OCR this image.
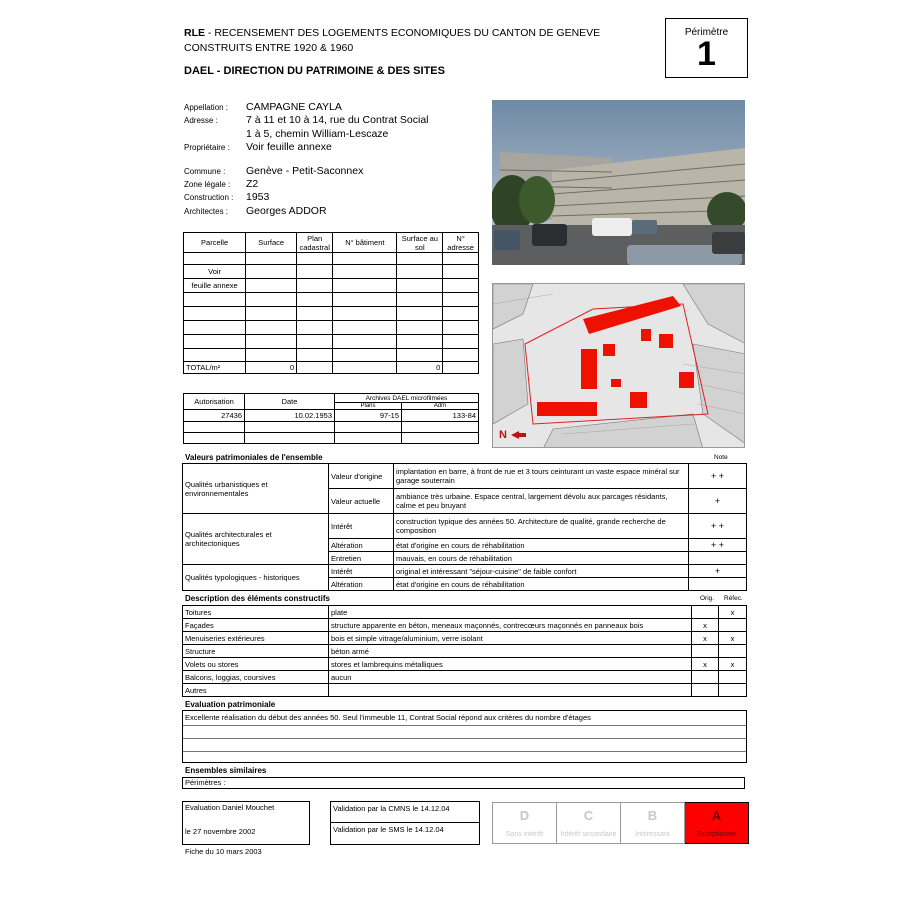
RLE - RECENSEMENT DES LOGEMENTS ECONOMIQUES DU CANTON DE GENEVE
CONSTRUITS ENTRE 1920 & 1960
DAEL - DIRECTION DU PATRIMOINE & DES SITES
Périmètre
1
Appellation :	CAMPAGNE CAYLA
Adresse :	7 à 11 et 10 à 14, rue du Contrat Social
1 à 5, chemin William-Lescaze
Propriétaire :	Voir feuille annexe
Commune :	Genève - Petit-Saconnex
Zone légale :	Z2
Construction :	1953
Architectes :	Georges ADDOR
Parcelle	Surface	Plan cadastral	N° bâtiment	Surface au sol	N° adresse

Voir					
feuille annexe					

TOTAL/m²	0			0	
Autorisation	Date	Archives DAEL microfilmées	
		Plans	Adm
27436	10.02.1953	97-15	133-84

N
Valeurs patrimoniales de l'ensemble	Note
Qualités urbanistiques et environnementales	Valeur d'origine	implantation en barre, à front de rue et 3 tours ceinturant un vaste espace minéral sur garage souterrain	+ +
	Valeur actuelle	ambiance très urbaine. Espace central, largement dévolu aux parcages résidants, calme et peu bruyant	+
Qualités architecturales et architectoniques	Intérêt	construction typique des années 50. Architecture de qualité, grande recherche de composition	+ +
	Altération	état d'origine en cours de réhabilitation	+ +
	Entretien	mauvais, en cours de réhabilitation	
Qualités typologiques - historiques	Intérêt	original et intéressant "séjour-cuisine" de faible confort	+
	Altération	état d'origine en cours de réhabilitation	
Description des éléments constructifs	Orig. Réfec.
Toitures	plate		x
Façades	structure apparente en béton, meneaux maçonnés, contrecœurs maçonnés en panneaux bois	x	
Menuiseries extérieures	bois et simple vitrage/aluminium, verre isolant	x	x
Structure	béton armé		
Volets ou stores	stores et lambrequins métalliques	x	x
Balcons, loggias, coursives	aucun		
Autres			
Evaluation patrimoniale
Excellente réalisation du début des années 50. Seul l'immeuble 11, Contrat Social répond aux critères du nombre d'étages
Ensembles similaires
Périmètres :
Evaluation Daniel Mouchet
le 27 novembre 2002
Fiche du 10 mars 2003
Validation par la CMNS le 14.12.04
Validation par le SMS le 14.12.04
D
Sans intérêt

C
Intérêt secondaire

B
Intéressant

A
Exceptionnel
